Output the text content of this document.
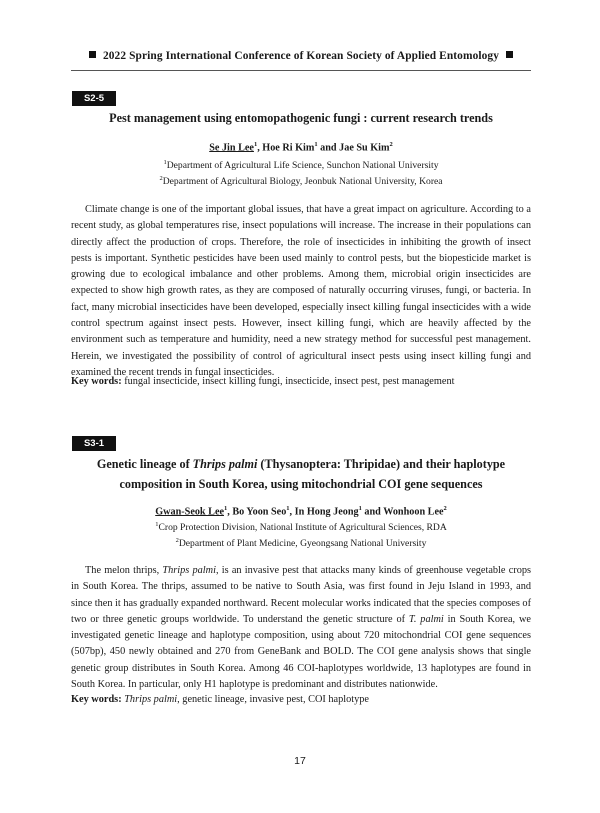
2022 Spring International Conference of Korean Society of Applied Entomology
S2-5
Pest management using entomopathogenic fungi : current research trends
Se Jin Lee$^1$, Hoe Ri Kim$^1$ and Jae Su Kim$^2$
$^1$Department of Agricultural Life Science, Sunchon National University
$^2$Department of Agricultural Biology, Jeonbuk National University, Korea

Climate change is one of the important global issues, that have a great impact on agriculture. According to a recent study, as global temperatures rise, insect populations will increase. The increase in their populations can directly affect the production of crops. Therefore, the role of insecticides in inhibiting the growth of insect pests is important. Synthetic pesticides have been used mainly to control pests, but the biopesticide market is growing due to ecological imbalance and other problems. Among them, microbial origin insecticides are expected to show high growth rates, as they are composed of naturally occurring viruses, fungi, or bacteria. In fact, many microbial insecticides have been developed, especially insect killing fungal insecticides with a wide control spectrum against insect pests. However, insect killing fungi, which are heavily affected by the environment such as temperature and humidity, need a new strategy method for successful pest management. Herein, we investigated the possibility of control of agricultural insect pests using insect killing fungi and examined the recent trends in fungal insecticides.

Key words: fungal insecticide, insect killing fungi, insecticide, insect pest, pest management
S3-1
Genetic lineage of Thrips palmi (Thysanoptera: Thripidae) and their haplotype
composition in South Korea, using mitochondrial COI gene sequences
Gwan-Seok Lee$^1$, Bo Yoon Seo$^1$, In Hong Jeong$^1$ and Wonhoon Lee$^2$
$^1$Crop Protection Division, National Institute of Agricultural Sciences, RDA
$^2$Department of Plant Medicine, Gyeongsang National University

The melon thrips, Thrips palmi, is an invasive pest that attacks many kinds of greenhouse vegetable crops in South Korea. The thrips, assumed to be native to South Asia, was first found in Jeju Island in 1993, and since then it has gradually expanded northward. Recent molecular works indicated that the species composes of two or three genetic groups worldwide. To understand the genetic structure of T. palmi in South Korea, we investigated genetic lineage and haplotype composition, using about 720 mitochondrial COI gene sequences (507bp), 450 newly obtained and 270 from GeneBank and BOLD. The COI gene analysis shows that single genetic group distributes in South Korea. Among 46 COI-haplotypes worldwide, 13 haplotypes are found in South Korea. In particular, only H1 haplotype is predominant and distributes nationwide.

Key words: Thrips palmi, genetic lineage, invasive pest, COI haplotype
17
